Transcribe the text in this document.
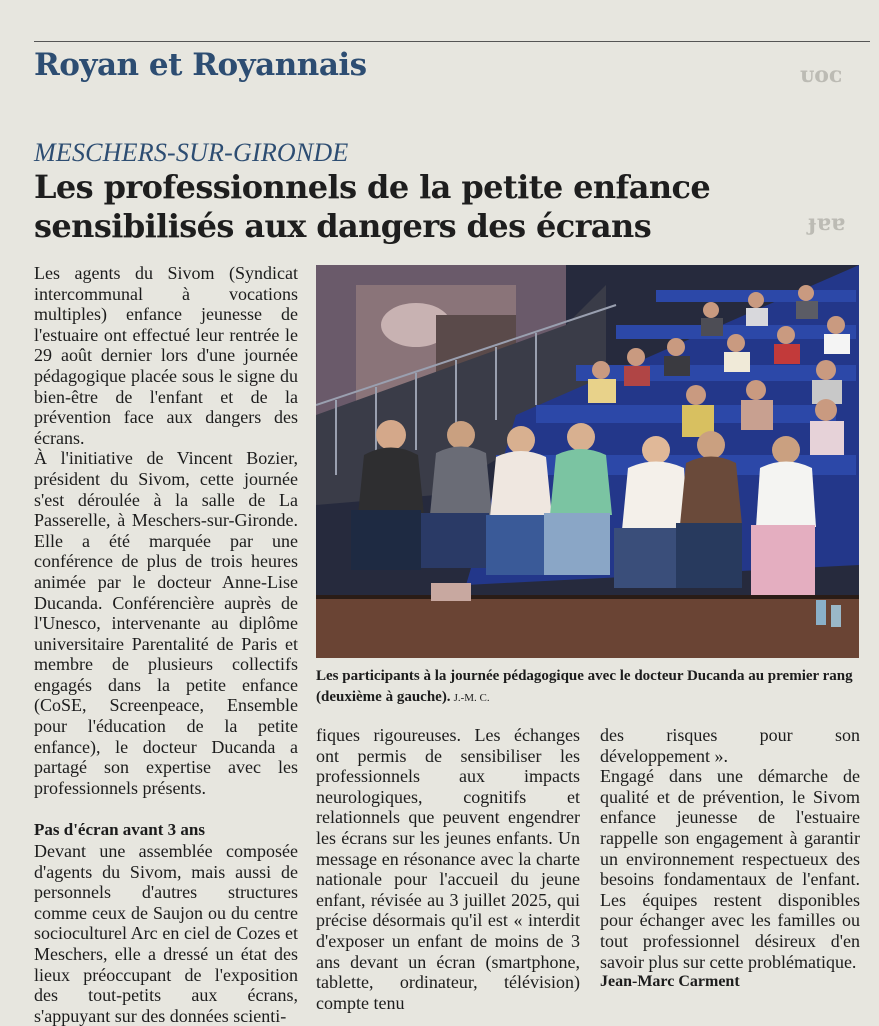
Royan et Royannais	ᴜᴏᴄ
ɟɐɐ
MESCHERS-SUR-GIRONDE
Les professionnels de la petite enfance sensibilisés aux dangers des écrans

Les agents du Sivom (Syndicat intercommunal à vocations multiples) enfance jeunesse de l'estuaire ont effectué leur rentrée le 29 août dernier lors d'une journée pédagogique placée sous le signe du bien-être de l'enfant et de la prévention face aux dangers des écrans.

À l'initiative de Vincent Bozier, président du Sivom, cette journée s'est déroulée à la salle de La Passerelle, à Meschers-sur-Gironde. Elle a été marquée par une conférence de plus de trois heures animée par le docteur Anne-Lise Ducanda. Conférencière auprès de l'Unesco, intervenante au diplôme universitaire Parentalité de Paris et membre de plusieurs collectifs engagés dans la petite enfance (CoSE, Screenpeace, Ensemble pour l'éducation de la petite enfance), le docteur Ducanda a partagé son expertise avec les professionnels présents.

Pas d'écran avant 3 ans

Devant une assemblée composée d'agents du Sivom, mais aussi de personnels d'autres structures comme ceux de Saujon ou du centre socioculturel Arc en ciel de Cozes et Meschers, elle a dressé un état des lieux préoccupant de l'exposition des tout-petits aux écrans, s'appuyant sur des données scienti-

Les participants à la journée pédagogique avec le docteur Ducanda au premier rang (deuxième à gauche). J.-M. C.

fiques rigoureuses. Les échanges ont permis de sensibiliser les professionnels aux impacts neurologiques, cognitifs et relationnels que peuvent engendrer les écrans sur les jeunes enfants. Un message en résonance avec la charte nationale pour l'accueil du jeune enfant, révisée au 3 juillet 2025, qui précise désormais qu'il est « interdit d'exposer un enfant de moins de 3 ans devant un écran (smartphone, tablette, ordinateur, télévision) compte tenu

des risques pour son développement ».

Engagé dans une démarche de qualité et de prévention, le Sivom enfance jeunesse de l'estuaire rappelle son engagement à garantir un environnement respectueux des besoins fondamentaux de l'enfant. Les équipes restent disponibles pour échanger avec les familles ou tout professionnel désireux d'en savoir plus sur cette problématique.

Jean-Marc Carment
